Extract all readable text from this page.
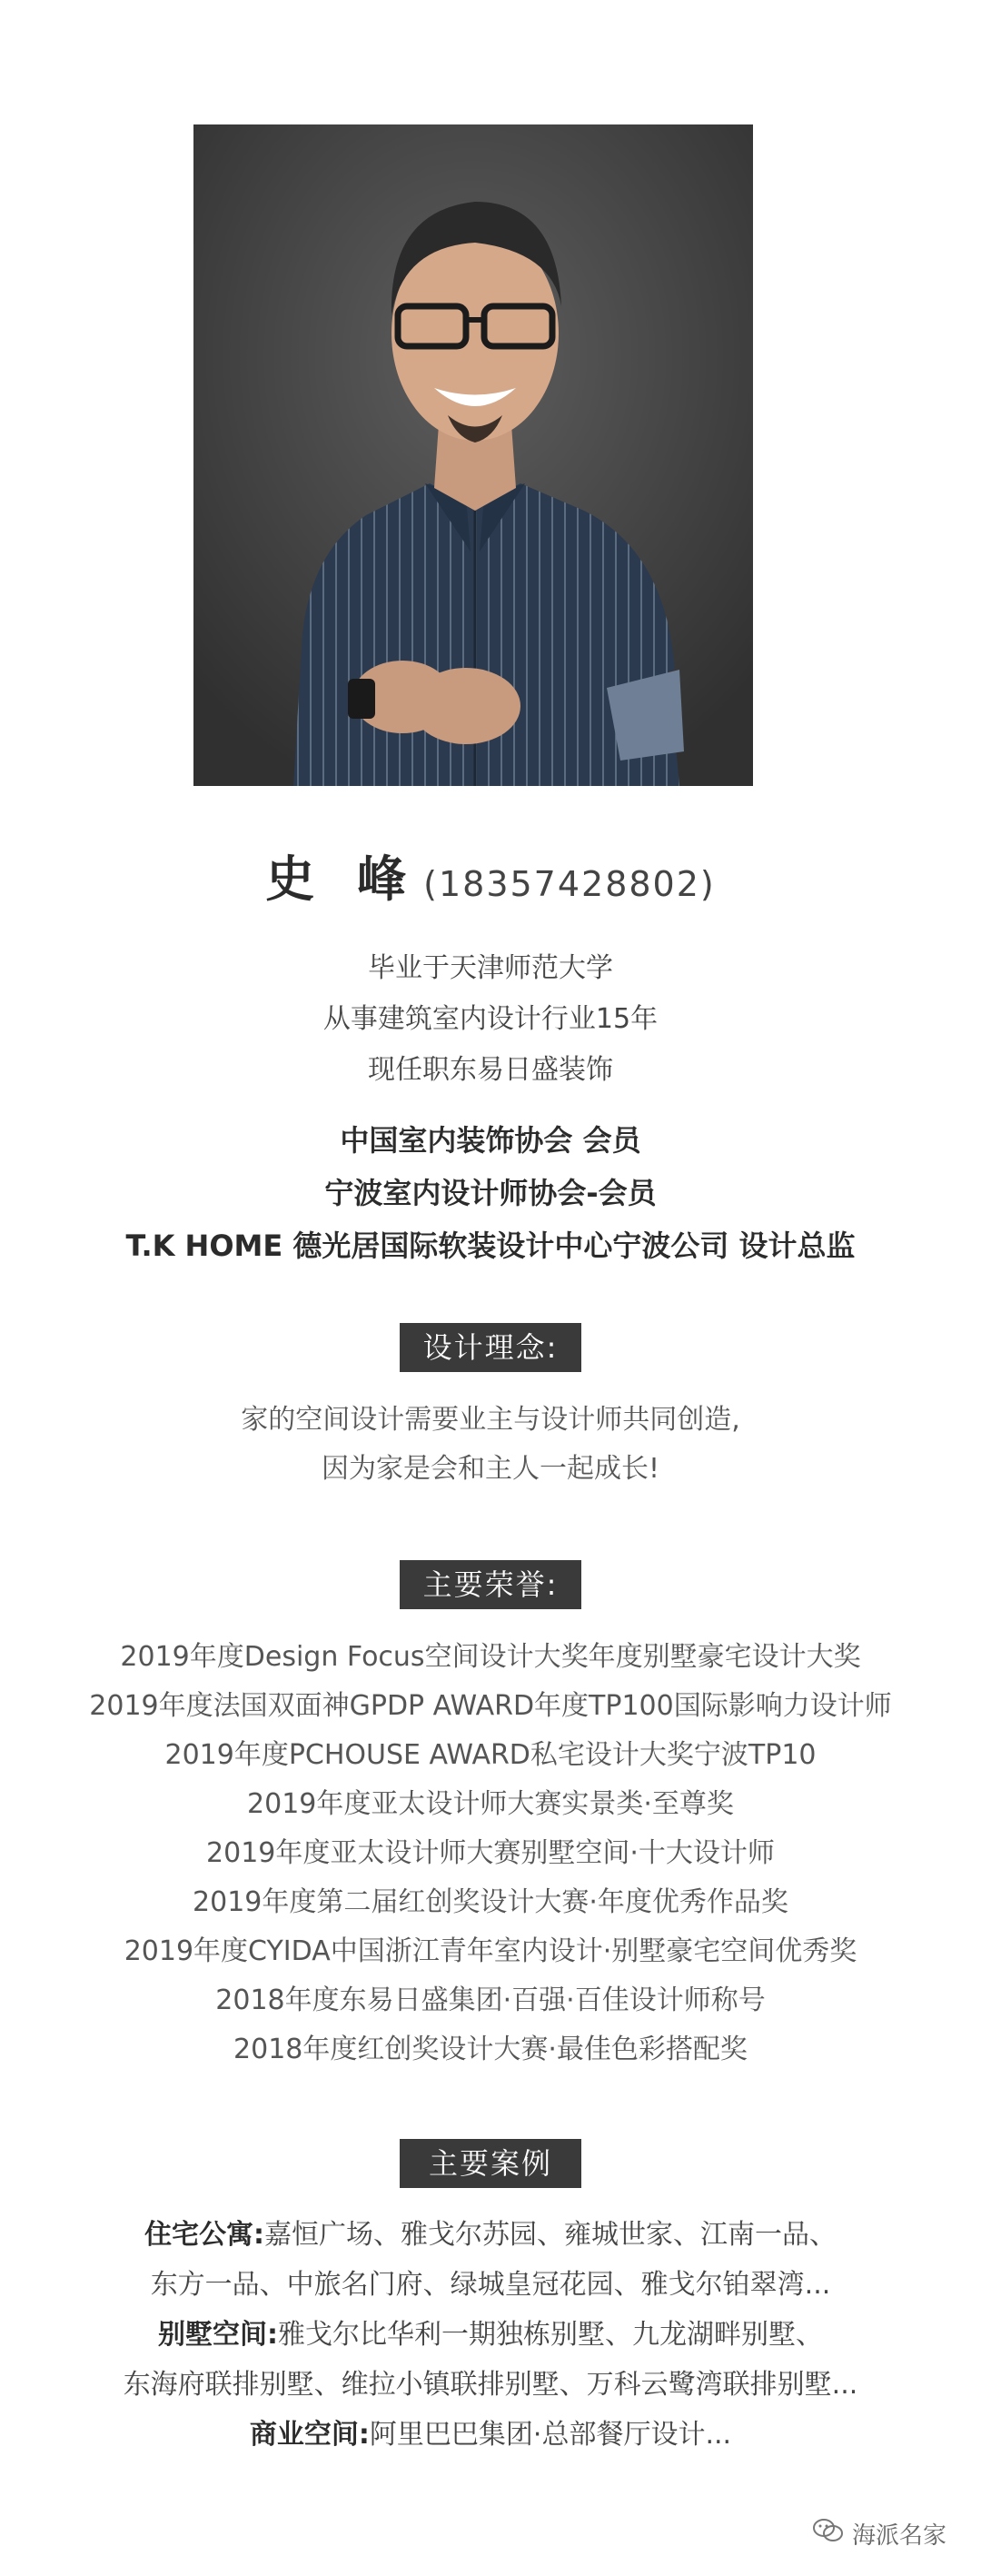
史 峰 (18357428802)
毕业于天津师范大学
从事建筑室内设计行业15年
现任职东易日盛装饰
中国室内装饰协会 会员
宁波室内设计师协会-会员
T.K HOME 德光居国际软装设计中心宁波公司 设计总监
设计理念:
家的空间设计需要业主与设计师共同创造,
因为家是会和主人一起成长!
主要荣誉:
2019年度Design Focus空间设计大奖年度别墅豪宅设计大奖
2019年度法国双面神GPDP AWARD年度TP100国际影响力设计师
2019年度PCHOUSE AWARD私宅设计大奖宁波TP10
2019年度亚太设计师大赛实景类·至尊奖
2019年度亚太设计师大赛别墅空间·十大设计师
2019年度第二届红创奖设计大赛·年度优秀作品奖
2019年度CYIDA中国浙江青年室内设计·别墅豪宅空间优秀奖
2018年度东易日盛集团·百强·百佳设计师称号
2018年度红创奖设计大赛·最佳色彩搭配奖
主要案例
住宅公寓:嘉恒广场、雅戈尔苏园、雍城世家、江南一品、
东方一品、中旅名门府、绿城皇冠花园、雅戈尔铂翠湾...
别墅空间:雅戈尔比华利一期独栋别墅、九龙湖畔别墅、
东海府联排别墅、维拉小镇联排别墅、万科云鹭湾联排别墅...
商业空间:阿里巴巴集团·总部餐厅设计...
海派名家
